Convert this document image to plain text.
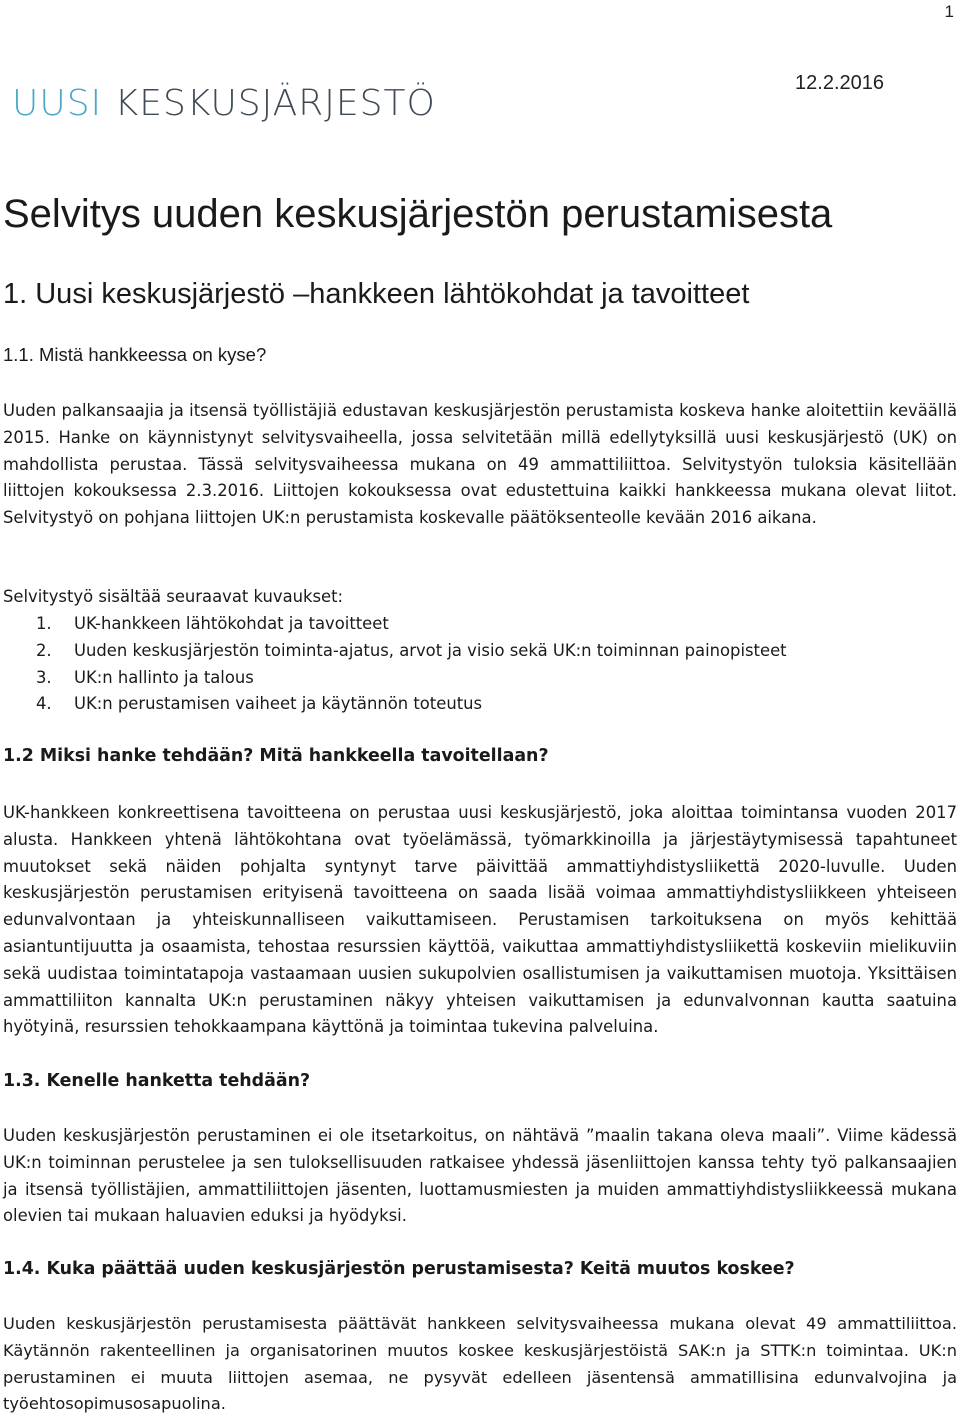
1
UUSI KESKUSJÄRJESTÖ	12.2.2016
Selvitys uuden keskusjärjestön perustamisesta
1. Uusi keskusjärjestö –hankkeen lähtökohdat ja tavoitteet
1.1. Mistä hankkeessa on kyse?

Uuden palkansaajia ja itsensä työllistäjiä edustavan keskusjärjestön perustamista koskeva hanke aloitettiin keväällä 2015. Hanke on käynnistynyt selvitysvaiheella, jossa selvitetään millä edellytyksillä uusi keskusjärjestö (UK) on mahdollista perustaa. Tässä selvitysvaiheessa mukana on 49 ammattiliittoa. Selvitystyön tuloksia käsitellään liittojen kokouksessa 2.3.2016. Liittojen kokouksessa ovat edustettuina kaikki hankkeessa mukana olevat liitot. Selvitystyö on pohjana liittojen UK:n perustamista koskevalle päätöksenteolle kevään 2016 aikana.

Selvitystyö sisältää seuraavat kuvaukset:

1. UK-hankkeen lähtökohdat ja tavoitteet
2. Uuden keskusjärjestön toiminta-ajatus, arvot ja visio sekä UK:n toiminnan painopisteet
3. UK:n hallinto ja talous
4. UK:n perustamisen vaiheet ja käytännön toteutus
1.2 Miksi hanke tehdään? Mitä hankkeella tavoitellaan?

UK-hankkeen konkreettisena tavoitteena on perustaa uusi keskusjärjestö, joka aloittaa toimintansa vuoden 2017 alusta. Hankkeen yhtenä lähtökohtana ovat työelämässä, työmarkkinoilla ja järjestäytymisessä tapahtuneet muutokset sekä näiden pohjalta syntynyt tarve päivittää ammattiyhdistysliikettä 2020-luvulle. Uuden keskusjärjestön perustamisen erityisenä tavoitteena on saada lisää voimaa ammattiyhdistysliikkeen yhteiseen edunvalvontaan ja yhteiskunnalliseen vaikuttamiseen. Perustamisen tarkoituksena on myös kehittää asiantuntijuutta ja osaamista, tehostaa resurssien käyttöä, vaikuttaa ammattiyhdistysliikettä koskeviin mielikuviin sekä uudistaa toimintatapoja vastaamaan uusien sukupolvien osallistumisen ja vaikuttamisen muotoja. Yksittäisen ammattiliiton kannalta UK:n perustaminen näkyy yhteisen vaikuttamisen ja edunvalvonnan kautta saatuina hyötyinä, resurssien tehokkaampana käyttönä ja toimintaa tukevina palveluina.

1.3. Kenelle hanketta tehdään?

Uuden keskusjärjestön perustaminen ei ole itsetarkoitus, on nähtävä ”maalin takana oleva maali”. Viime kädessä UK:n toiminnan perustelee ja sen tuloksellisuuden ratkaisee yhdessä jäsenliittojen kanssa tehty työ palkansaajien ja itsensä työllistäjien, ammattiliittojen jäsenten, luottamusmiesten ja muiden ammattiyhdistysliikkeessä mukana olevien tai mukaan haluavien eduksi ja hyödyksi.

1.4. Kuka päättää uuden keskusjärjestön perustamisesta? Keitä muutos koskee?

Uuden keskusjärjestön perustamisesta päättävät hankkeen selvitysvaiheessa mukana olevat 49 ammattiliittoa. Käytännön rakenteellinen ja organisatorinen muutos koskee keskusjärjestöistä SAK:n ja STTK:n toimintaa. UK:n perustaminen ei muuta liittojen asemaa, ne pysyvät edelleen jäsentensä ammatillisina edunvalvojina ja työehtosopimusosapuolina.
